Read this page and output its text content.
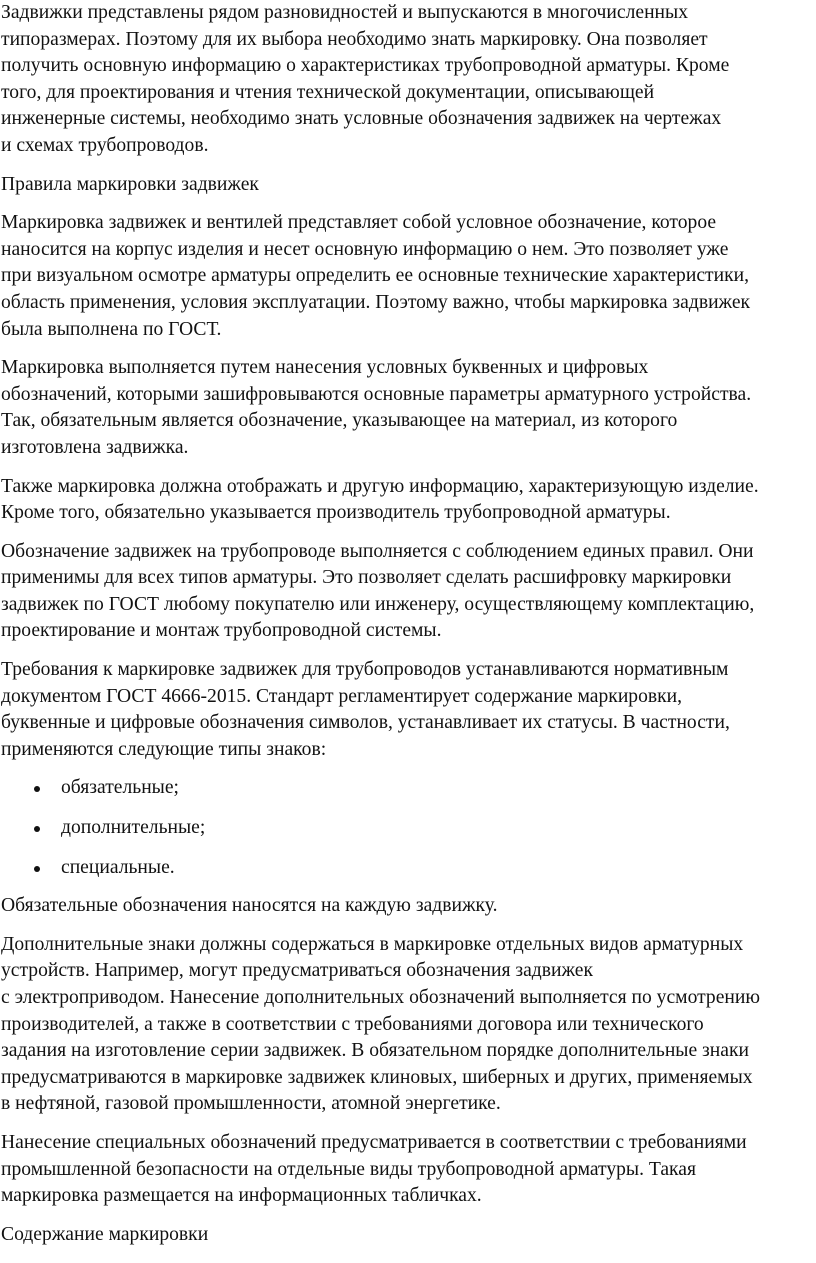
Задвижки представлены рядом разновидностей и выпускаются в многочисленных

типоразмерах. Поэтому для их выбора необходимо знать маркировку. Она позволяет

получить основную информацию о характеристиках трубопроводной арматуры. Кроме

того, для проектирования и чтения технической документации, описывающей

инженерные системы, необходимо знать условные обозначения задвижек на чертежах

и схемах трубопроводов.

Правила маркировки задвижек

Маркировка задвижек и вентилей представляет собой условное обозначение, которое

наносится на корпус изделия и несет основную информацию о нем. Это позволяет уже

при визуальном осмотре арматуры определить ее основные технические характеристики,

область применения, условия эксплуатации. Поэтому важно, чтобы маркировка задвижек

была выполнена по ГОСТ.

Маркировка выполняется путем нанесения условных буквенных и цифровых

обозначений, которыми зашифровываются основные параметры арматурного устройства.

Так, обязательным является обозначение, указывающее на материал, из которого

изготовлена задвижка.

Также маркировка должна отображать и другую информацию, характеризующую изделие.

Кроме того, обязательно указывается производитель трубопроводной арматуры.

Обозначение задвижек на трубопроводе выполняется с соблюдением единых правил. Они

применимы для всех типов арматуры. Это позволяет сделать расшифровку маркировки

задвижек по ГОСТ любому покупателю или инженеру, осуществляющему комплектацию,

проектирование и монтаж трубопроводной системы.

Требования к маркировке задвижек для трубопроводов устанавливаются нормативным

документом ГОСТ 4666-2015. Стандарт регламентирует содержание маркировки,

буквенные и цифровые обозначения символов, устанавливает их статусы. В частности,

применяются следующие типы знаков:

обязательные;
дополнительные;
специальные.

Обязательные обозначения наносятся на каждую задвижку.

Дополнительные знаки должны содержаться в маркировке отдельных видов арматурных

устройств. Например, могут предусматриваться обозначения задвижек

с электроприводом. Нанесение дополнительных обозначений выполняется по усмотрению

производителей, а также в соответствии с требованиями договора или технического

задания на изготовление серии задвижек. В обязательном порядке дополнительные знаки

предусматриваются в маркировке задвижек клиновых, шиберных и других, применяемых

в нефтяной, газовой промышленности, атомной энергетике.

Нанесение специальных обозначений предусматривается в соответствии с требованиями

промышленной безопасности на отдельные виды трубопроводной арматуры. Такая

маркировка размещается на информационных табличках.

Содержание маркировки
